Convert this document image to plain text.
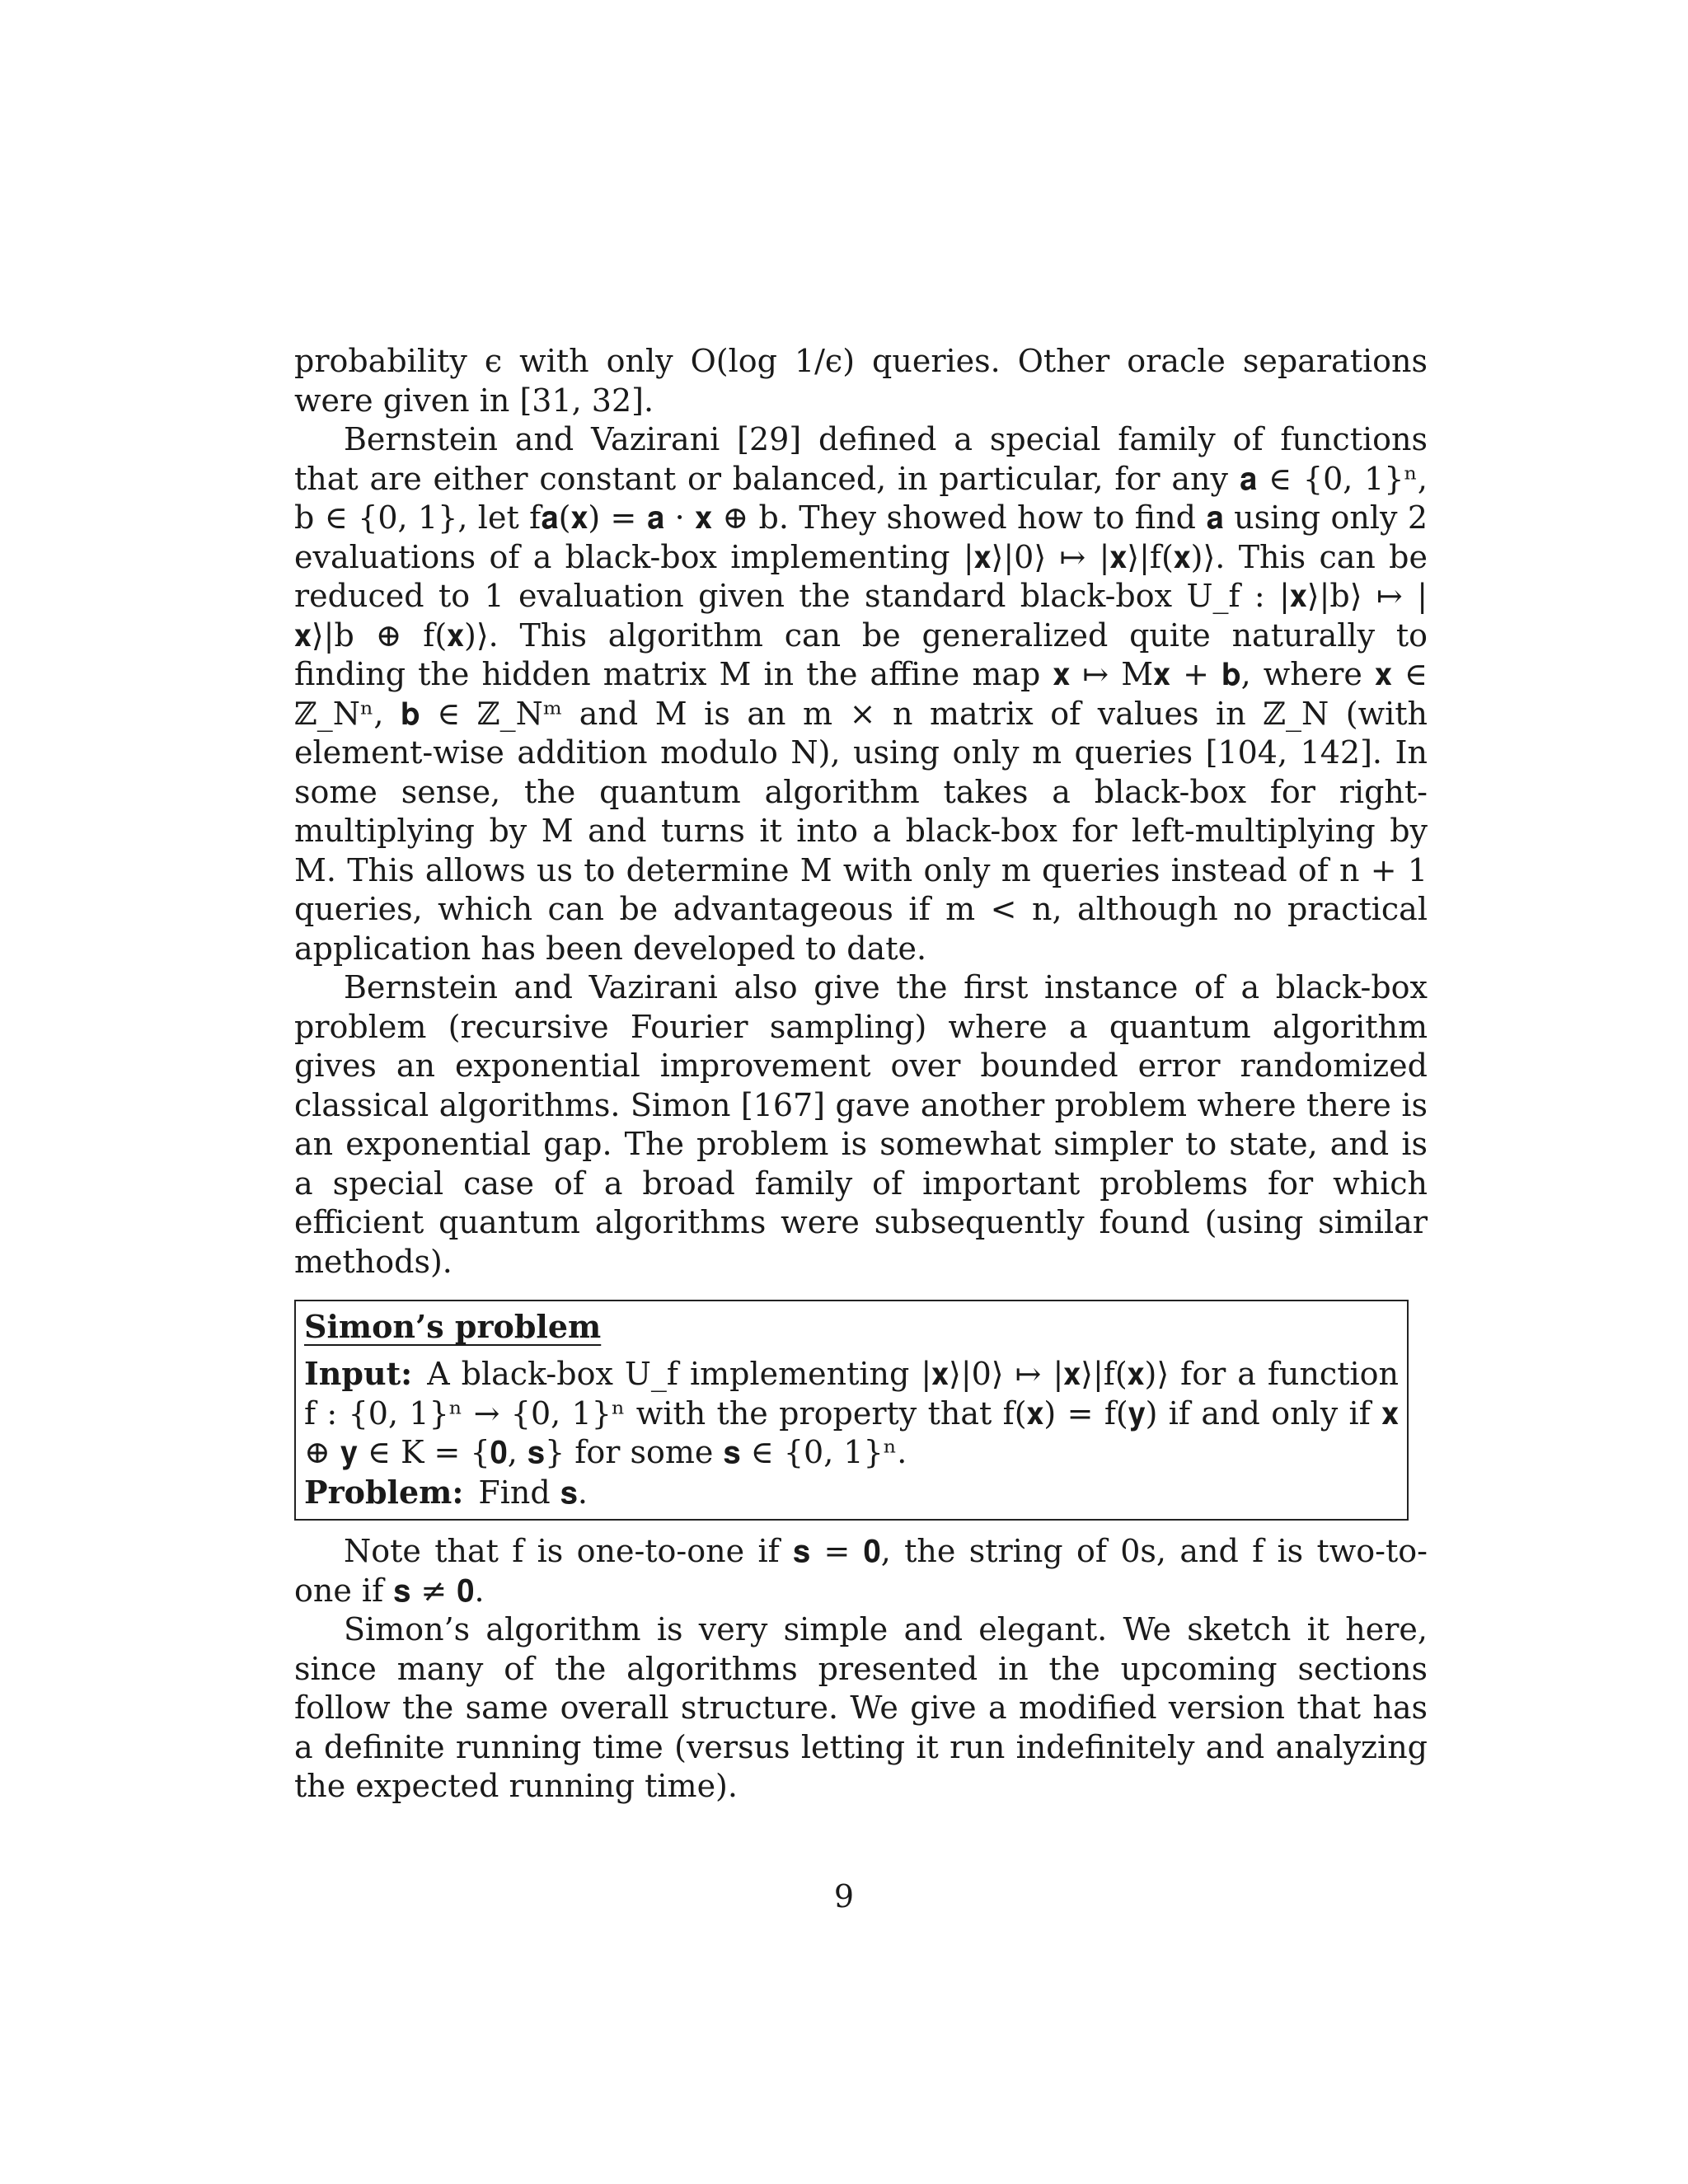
probability ϵ with only O(log 1/ϵ) queries. Other oracle separations were given in [31, 32].

Bernstein and Vazirani [29] defined a special family of functions that are either constant or balanced, in particular, for any 𝐚 ∈ {0, 1}ⁿ, b ∈ {0, 1}, let f𝐚(𝐱) = 𝐚 · 𝐱 ⊕ b. They showed how to find 𝐚 using only 2 evaluations of a black-box implementing |𝐱⟩|0⟩ ↦ |𝐱⟩|f(𝐱)⟩. This can be reduced to 1 evaluation given the standard black-box U_f : |𝐱⟩|b⟩ ↦ |𝐱⟩|b ⊕ f(𝐱)⟩. This algorithm can be generalized quite naturally to finding the hidden matrix M in the affine map 𝐱 ↦ M𝐱 + 𝐛, where 𝐱 ∈ ℤ_Nⁿ, 𝐛 ∈ ℤ_Nᵐ and M is an m × n matrix of values in ℤ_N (with element-wise addition modulo N), using only m queries [104, 142]. In some sense, the quantum algorithm takes a black-box for right-multiplying by M and turns it into a black-box for left-multiplying by M. This allows us to determine M with only m queries instead of n + 1 queries, which can be advantageous if m < n, although no practical application has been developed to date.

Bernstein and Vazirani also give the first instance of a black-box problem (recursive Fourier sampling) where a quantum algorithm gives an exponential improvement over bounded error randomized classical algorithms. Simon [167] gave another problem where there is an exponential gap. The problem is somewhat simpler to state, and is a special case of a broad family of important problems for which efficient quantum algorithms were subsequently found (using similar methods).

Simon’s problem

Input: A black-box U_f implementing |𝐱⟩|0⟩ ↦ |𝐱⟩|f(𝐱)⟩ for a function f : {0, 1}ⁿ → {0, 1}ⁿ with the property that f(𝐱) = f(𝐲) if and only if 𝐱 ⊕ 𝐲 ∈ K = {𝟎, 𝐬} for some 𝐬 ∈ {0, 1}ⁿ.

Problem: Find 𝐬.

Note that f is one-to-one if 𝐬 = 𝟎, the string of 0s, and f is two-to-one if 𝐬 ≠ 𝟎.

Simon’s algorithm is very simple and elegant. We sketch it here, since many of the algorithms presented in the upcoming sections follow the same overall structure. We give a modified version that has a definite running time (versus letting it run indefinitely and analyzing the expected running time).

9
